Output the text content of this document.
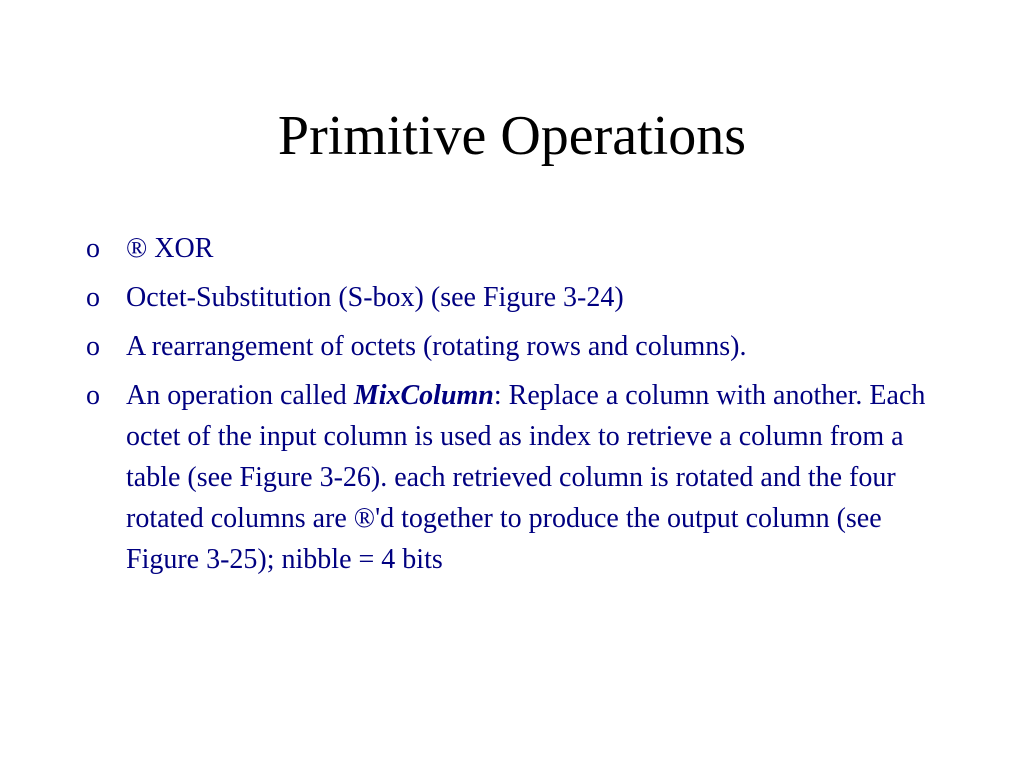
Primitive Operations
o ® XOR
o Octet-Substitution (S-box) (see Figure 3-24)
o A rearrangement of octets (rotating rows and columns).
o An operation called MixColumn: Replace a column with another. Each octet of the input column is used as index to retrieve a column from a table (see Figure 3-26). each retrieved column is rotated and the four rotated columns are ®'d together to produce the output column (see Figure 3-25); nibble = 4 bits
